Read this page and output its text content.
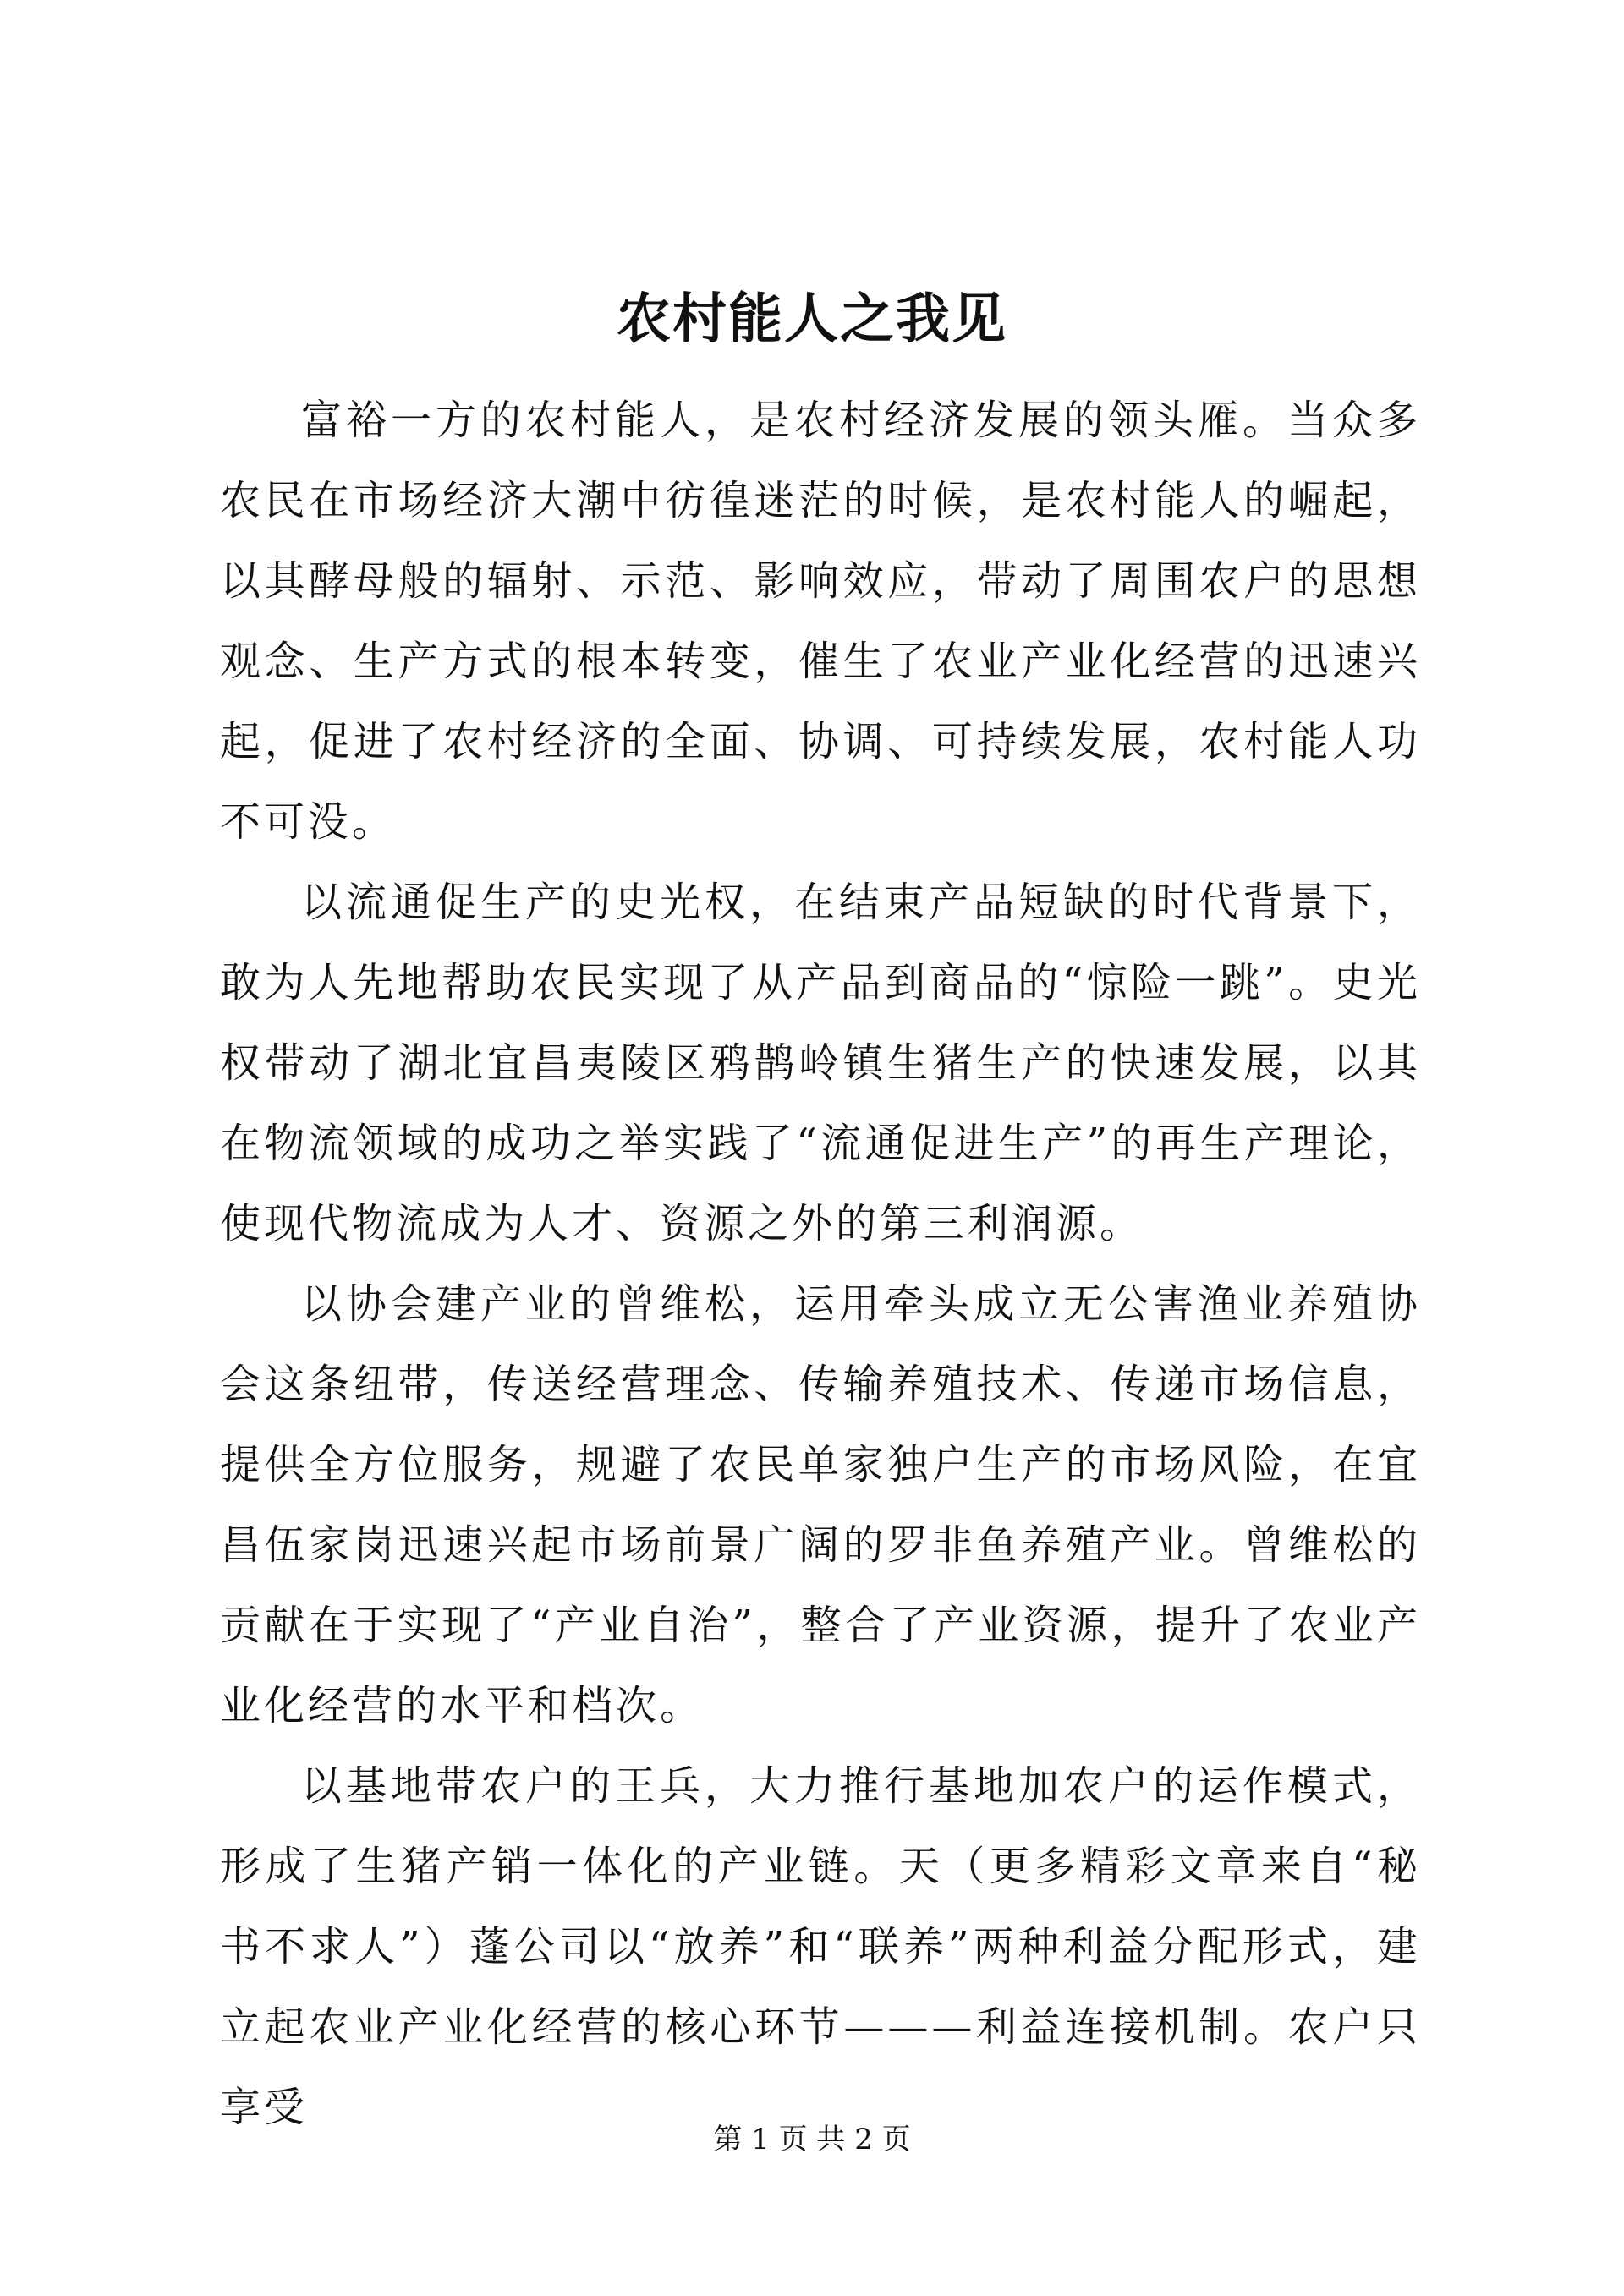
农村能人之我见

富裕一方的农村能人，是农村经济发展的领头雁。当众多农民在市场经济大潮中彷徨迷茫的时候，是农村能人的崛起，以其酵母般的辐射、示范、影响效应，带动了周围农户的思想观念、生产方式的根本转变，催生了农业产业化经营的迅速兴起，促进了农村经济的全面、协调、可持续发展，农村能人功不可没。

以流通促生产的史光权，在结束产品短缺的时代背景下，敢为人先地帮助农民实现了从产品到商品的“惊险一跳”。史光权带动了湖北宜昌夷陵区鸦鹊岭镇生猪生产的快速发展，以其在物流领域的成功之举实践了“流通促进生产”的再生产理论，使现代物流成为人才、资源之外的第三利润源。

以协会建产业的曾维松，运用牵头成立无公害渔业养殖协会这条纽带，传送经营理念、传输养殖技术、传递市场信息，提供全方位服务，规避了农民单家独户生产的市场风险，在宜昌伍家岗迅速兴起市场前景广阔的罗非鱼养殖产业。曾维松的贡献在于实现了“产业自治”，整合了产业资源，提升了农业产业化经营的水平和档次。

以基地带农户的王兵，大力推行基地加农户的运作模式，形成了生猪产销一体化的产业链。天（更多精彩文章来自“秘书不求人”）蓬公司以“放养”和“联养”两种利益分配形式，建立起农业产业化经营的核心环节———利益连接机制。农户只享受

第 1 页 共 2 页
